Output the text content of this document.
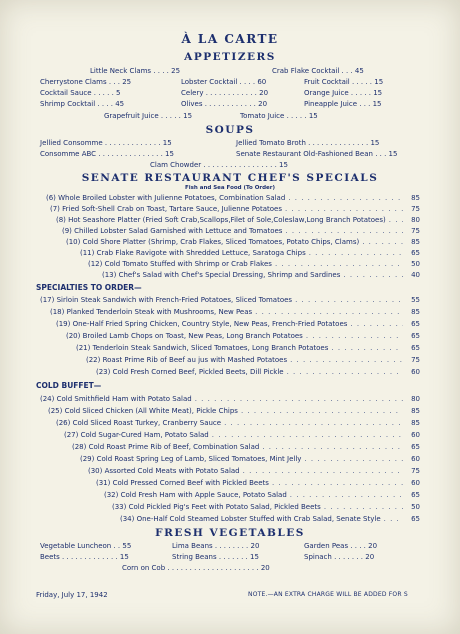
À LA CARTE
APPETIZERS
Little Neck Clams . . . . 25	Crab Flake Cocktail . . . 45
Cherrystone Clams . . . 25	Lobster Cocktail . . . . 60	Fruit Cocktail . . . . . 15
Cocktail Sauce . . . . . 5	Celery . . . . . . . . . . . . 20	Orange Juice . . . . . 15
Shrimp Cocktail . . . . 45	Olives . . . . . . . . . . . . 20	Pineapple Juice . . . 15
Grapefruit Juice . . . . . 15	Tomato Juice . . . . . 15
SOUPS
Jellied Consomme . . . . . . . . . . . . . 15	Jellied Tomato Broth . . . . . . . . . . . . . . 15
Consomme ABC . . . . . . . . . . . . . . . 15	Senate Restaurant Old-Fashioned Bean . . . 15
Clam Chowder . . . . . . . . . . . . . . . . . 15
SENATE RESTAURANT CHEF'S SPECIALS
Fish and Sea Food (To Order)
(6) Whole Broiled Lobster with Julienne Potatoes, Combination Salad . . .	85
(7) Fried Soft-Shell Crab on Toast, Tartare Sauce, Julienne Potatoes . . .	75
(8) Hot Seashore Platter (Fried Soft Crab,Scallops,Filet of Sole,Coleslaw,Long Branch Potatoes) . . .	80
(9) Chilled Lobster Salad Garnished with Lettuce and Tomatoes . . .	75
(10) Cold Shore Platter (Shrimp, Crab Flakes, Sliced Tomatoes, Potato Chips, Clams) . . .	85
(11) Crab Flake Ravigote with Shredded Lettuce, Saratoga Chips . . .	65
(12) Cold Tomato Stuffed with Shrimp or Crab Flakes . . .	50
(13) Chef's Salad with Chef's Special Dressing, Shrimp and Sardines . . .	40
SPECIALTIES TO ORDER—
(17) Sirloin Steak Sandwich with French-Fried Potatoes, Sliced Tomatoes . . .	55
(18) Planked Tenderloin Steak with Mushrooms, New Peas . . .	85
(19) One-Half Fried Spring Chicken, Country Style, New Peas, French-Fried Potatoes . . .	65
(20) Broiled Lamb Chops on Toast, New Peas, Long Branch Potatoes . . .	65
(21) Tenderloin Steak Sandwich, Sliced Tomatoes, Long Branch Potatoes . . .	65
(22) Roast Prime Rib of Beef au jus with Mashed Potatoes . . .	75
(23) Cold Fresh Corned Beef, Pickled Beets, Dill Pickle . . .	60
COLD BUFFET—
(24) Cold Smithfield Ham with Potato Salad . . .	80
(25) Cold Sliced Chicken (All White Meat), Pickle Chips . . .	85
(26) Cold Sliced Roast Turkey, Cranberry Sauce . . .	85
(27) Cold Sugar-Cured Ham, Potato Salad . . .	60
(28) Cold Roast Prime Rib of Beef, Combination Salad . . .	65
(29) Cold Roast Spring Leg of Lamb, Sliced Tomatoes, Mint Jelly . . .	60
(30) Assorted Cold Meats with Potato Salad . . .	75
(31) Cold Pressed Corned Beef with Pickled Beets . . .	60
(32) Cold Fresh Ham with Apple Sauce, Potato Salad . . .	65
(33) Cold Pickled Pig's Feet with Potato Salad, Pickled Beets . . .	50
(34) One-Half Cold Steamed Lobster Stuffed with Crab Salad, Senate Style . . .	65
FRESH VEGETABLES
Vegetable Luncheon . . 55	Lima Beans . . . . . . . . 20	Garden Peas . . . . 20
Beets . . . . . . . . . . . . . 15	String Beans . . . . . . . 15	Spinach . . . . . . . 20
Corn on Cob . . . . . . . . . . . . . . . . . . . . . 20
Friday, July 17, 1942	NOTE.—AN EXTRA CHARGE WILL BE ADDED FOR S
